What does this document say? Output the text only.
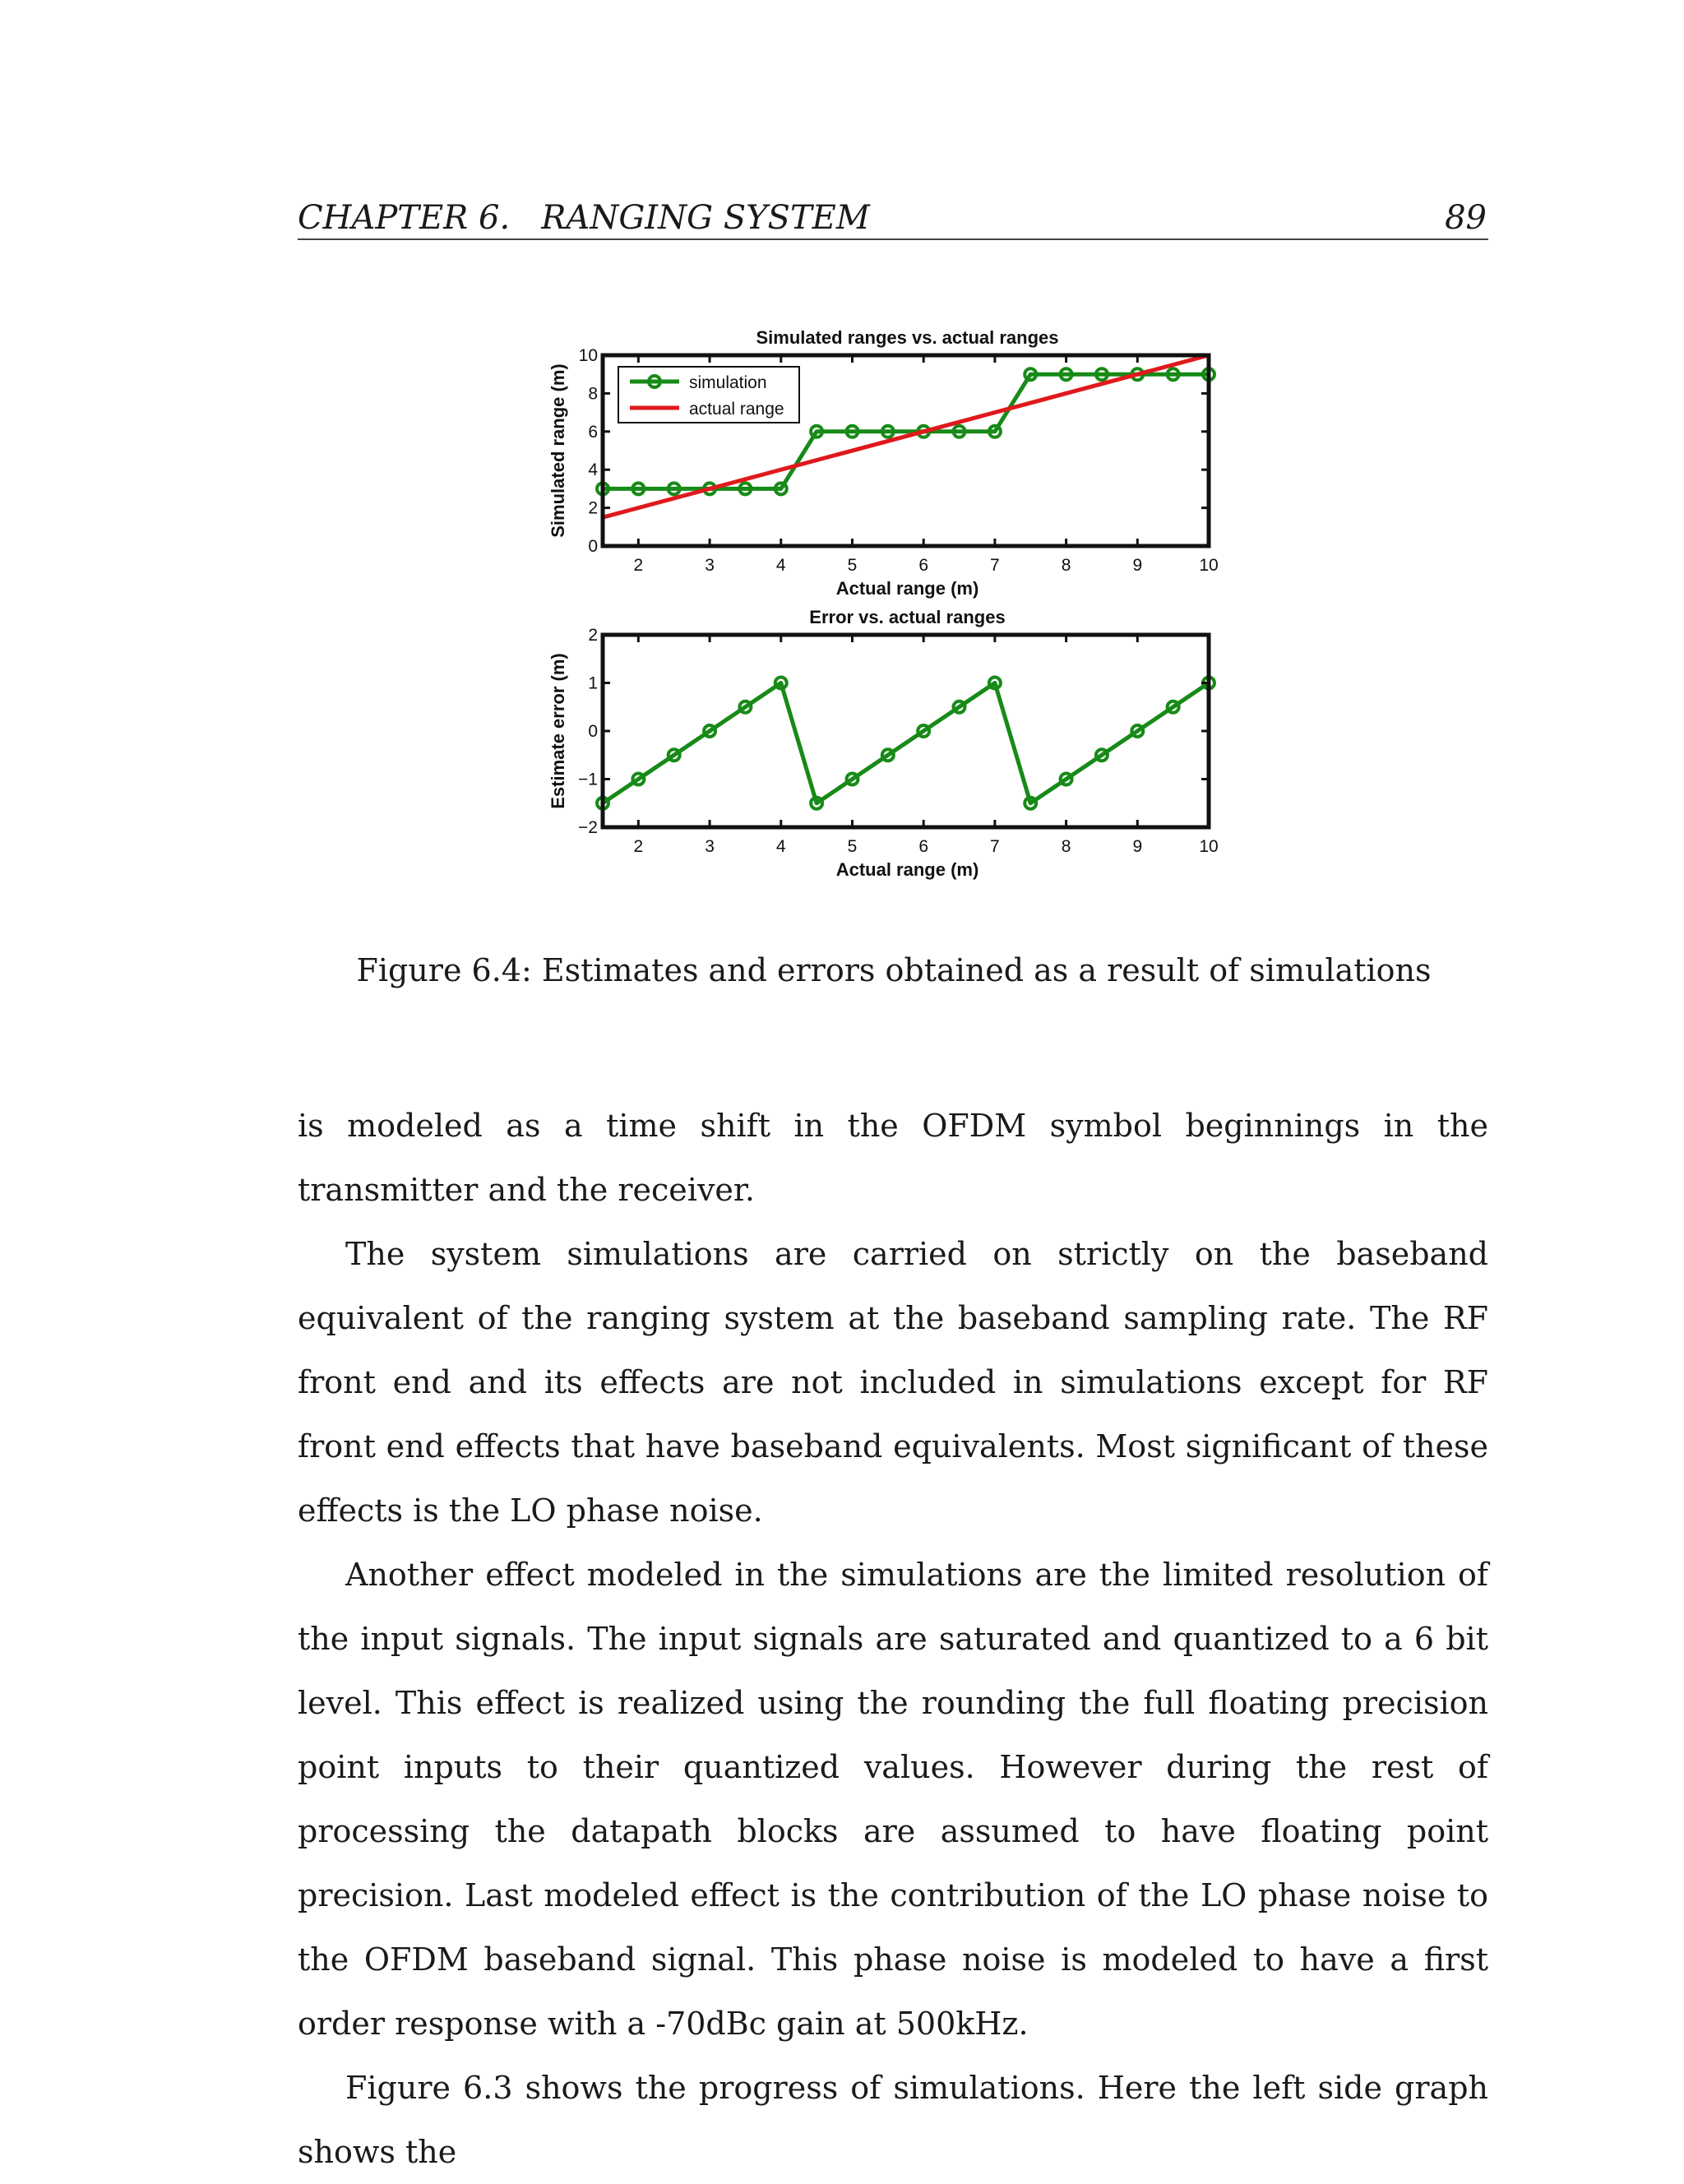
CHAPTER 6.   RANGING SYSTEM	89
2	3	4	5	6	7	8	9	10
0
2
4
6
8
10
Simulated ranges vs. actual ranges
Actual range (m)
Simulated range (m)	simulation
actual range
2	3	4	5	6	7	8	9	10
−2
−1
0
1
2
Error vs. actual ranges
Actual range (m)
Estimate error (m)
Figure 6.4: Estimates and errors obtained as a result of simulations

is modeled as a time shift in the OFDM symbol beginnings in the transmitter and the receiver.

The system simulations are carried on strictly on the baseband equivalent of the ranging system at the baseband sampling rate. The RF front end and its effects are not included in simulations except for RF front end effects that have baseband equivalents. Most significant of these effects is the LO phase noise.

Another effect modeled in the simulations are the limited resolution of the input signals. The input signals are saturated and quantized to a 6 bit level. This effect is realized using the rounding the full floating precision point inputs to their quantized values. However during the rest of processing the datapath blocks are assumed to have floating point precision. Last modeled effect is the contribution of the LO phase noise to the OFDM baseband signal. This phase noise is modeled to have a first order response with a -70dBc gain at 500kHz.

Figure 6.3 shows the progress of simulations. Here the left side graph shows the
